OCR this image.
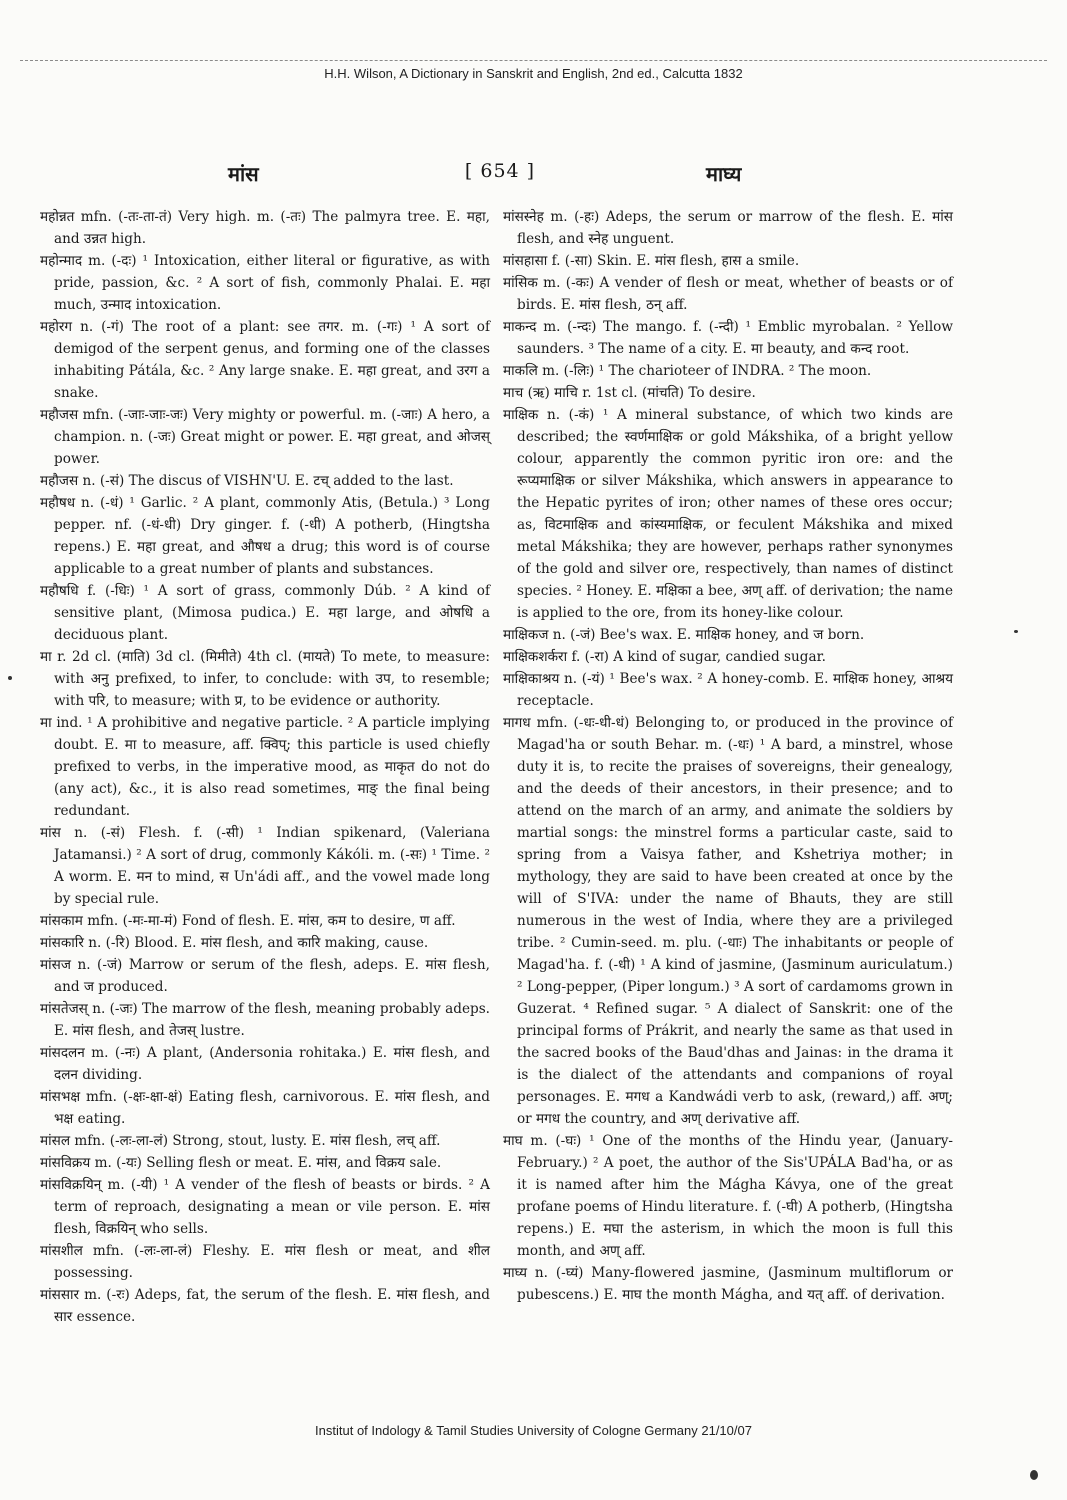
H.H. Wilson, A Dictionary in Sanskrit and English, 2nd ed., Calcutta 1832
मांस	[ 654 ]	माघ्य

महोन्नत mfn. (-तः-ता-तं) Very high. m. (-तः) The palmyra tree. E. महा, and उन्नत high.

महोन्माद m. (-दः) ¹ Intoxication, either literal or figurative, as with pride, passion, &c. ² A sort of fish, commonly Phalai. E. महा much, उन्माद intoxication.

महोरग n. (-गं) The root of a plant: see तगर. m. (-गः) ¹ A sort of demigod of the serpent genus, and forming one of the classes inhabiting Pátála, &c. ² Any large snake. E. महा great, and उरग a snake.

महौजस mfn. (-जाः-जाः-जः) Very mighty or powerful. m. (-जाः) A hero, a champion. n. (-जः) Great might or power. E. महा great, and ओजस् power.

महौजस n. (-सं) The discus of VISHN'U. E. टच् added to the last.

महौषध n. (-धं) ¹ Garlic. ² A plant, commonly Atis, (Betula.) ³ Long pepper. nf. (-धं-धी) Dry ginger. f. (-धी) A potherb, (Hingtsha repens.) E. महा great, and औषध a drug; this word is of course applicable to a great number of plants and substances.

महौषधि f. (-धिः) ¹ A sort of grass, commonly Dúb. ² A kind of sensitive plant, (Mimosa pudica.) E. महा large, and ओषधि a deciduous plant.

मा r. 2d cl. (माति) 3d cl. (मिमीते) 4th cl. (मायते) To mete, to measure: with अनु prefixed, to infer, to conclude: with उप, to resemble; with परि, to measure; with प्र, to be evidence or authority.

मा ind. ¹ A prohibitive and negative particle. ² A particle implying doubt. E. मा to measure, aff. क्विप्; this particle is used chiefly prefixed to verbs, in the imperative mood, as माकृत do not do (any act), &c., it is also read sometimes, माङ् the final being redundant.

मांस n. (-सं) Flesh. f. (-सी) ¹ Indian spikenard, (Valeriana Jatamansi.) ² A sort of drug, commonly Kákóli. m. (-सः) ¹ Time. ² A worm. E. मन to mind, स Un'ádi aff., and the vowel made long by special rule.

मांसकाम mfn. (-मः-मा-मं) Fond of flesh. E. मांस, कम to desire, ण aff.

मांसकारि n. (-रि) Blood. E. मांस flesh, and कारि making, cause.

मांसज n. (-जं) Marrow or serum of the flesh, adeps. E. मांस flesh, and ज produced.

मांसतेजस् n. (-जः) The marrow of the flesh, meaning probably adeps. E. मांस flesh, and तेजस् lustre.

मांसदलन m. (-नः) A plant, (Andersonia rohitaka.) E. मांस flesh, and दलन dividing.

मांसभक्ष mfn. (-क्षः-क्षा-क्षं) Eating flesh, carnivorous. E. मांस flesh, and भक्ष eating.

मांसल mfn. (-लः-ला-लं) Strong, stout, lusty. E. मांस flesh, लच् aff.

मांसविक्रय m. (-यः) Selling flesh or meat. E. मांस, and विक्रय sale.

मांसविक्रयिन् m. (-यी) ¹ A vender of the flesh of beasts or birds. ² A term of reproach, designating a mean or vile person. E. मांस flesh, विक्रयिन् who sells.

मांसशील mfn. (-लः-ला-लं) Fleshy. E. मांस flesh or meat, and शील possessing.

मांससार m. (-रः) Adeps, fat, the serum of the flesh. E. मांस flesh, and सार essence.

मांसस्नेह m. (-हः) Adeps, the serum or marrow of the flesh. E. मांस flesh, and स्नेह unguent.

मांसहासा f. (-सा) Skin. E. मांस flesh, हास a smile.

मांसिक m. (-कः) A vender of flesh or meat, whether of beasts or of birds. E. मांस flesh, ठन् aff.

माकन्द m. (-न्दः) The mango. f. (-न्दी) ¹ Emblic myrobalan. ² Yellow saunders. ³ The name of a city. E. मा beauty, and कन्द root.

माकलि m. (-लिः) ¹ The charioteer of INDRA. ² The moon.

माच (ऋ) माचि r. 1st cl. (मांचति) To desire.

माक्षिक n. (-कं) ¹ A mineral substance, of which two kinds are described; the स्वर्णमाक्षिक or gold Mákshika, of a bright yellow colour, apparently the common pyritic iron ore: and the रूप्यमाक्षिक or silver Mákshika, which answers in appearance to the Hepatic pyrites of iron; other names of these ores occur; as, विटमाक्षिक and कांस्यमाक्षिक, or feculent Mákshika and mixed metal Mákshika; they are however, perhaps rather synonymes of the gold and silver ore, respectively, than names of distinct species. ² Honey. E. मक्षिका a bee, अण् aff. of derivation; the name is applied to the ore, from its honey-like colour.

माक्षिकज n. (-जं) Bee's wax. E. माक्षिक honey, and ज born.

माक्षिकशर्करा f. (-रा) A kind of sugar, candied sugar.

माक्षिकाश्रय n. (-यं) ¹ Bee's wax. ² A honey-comb. E. माक्षिक honey, आश्रय receptacle.

मागध mfn. (-धः-धी-धं) Belonging to, or produced in the province of Magad'ha or south Behar. m. (-धः) ¹ A bard, a minstrel, whose duty it is, to recite the praises of sovereigns, their genealogy, and the deeds of their ancestors, in their presence; and to attend on the march of an army, and animate the soldiers by martial songs: the minstrel forms a particular caste, said to spring from a Vaisya father, and Kshetriya mother; in mythology, they are said to have been created at once by the will of S'IVA: under the name of Bhauts, they are still numerous in the west of India, where they are a privileged tribe. ² Cumin-seed. m. plu. (-धाः) The inhabitants or people of Magad'ha. f. (-धी) ¹ A kind of jasmine, (Jasminum auriculatum.) ² Long-pepper, (Piper longum.) ³ A sort of cardamoms grown in Guzerat. ⁴ Refined sugar. ⁵ A dialect of Sanskrit: one of the principal forms of Prákrit, and nearly the same as that used in the sacred books of the Baud'dhas and Jainas: in the drama it is the dialect of the attendants and companions of royal personages. E. मगध a Kandwádi verb to ask, (reward,) aff. अण्; or मगध the country, and अण् derivative aff.

माघ m. (-घः) ¹ One of the months of the Hindu year, (January-February.) ² A poet, the author of the Sis'UPÁLA Bad'ha, or as it is named after him the Mágha Kávya, one of the great profane poems of Hindu literature. f. (-घी) A potherb, (Hingtsha repens.) E. मघा the asterism, in which the moon is full this month, and अण् aff.

माघ्य n. (-घ्यं) Many-flowered jasmine, (Jasminum multiflorum or pubescens.) E. माघ the month Mágha, and यत् aff. of derivation.

Institut of Indology & Tamil Studies University of Cologne Germany 21/10/07
